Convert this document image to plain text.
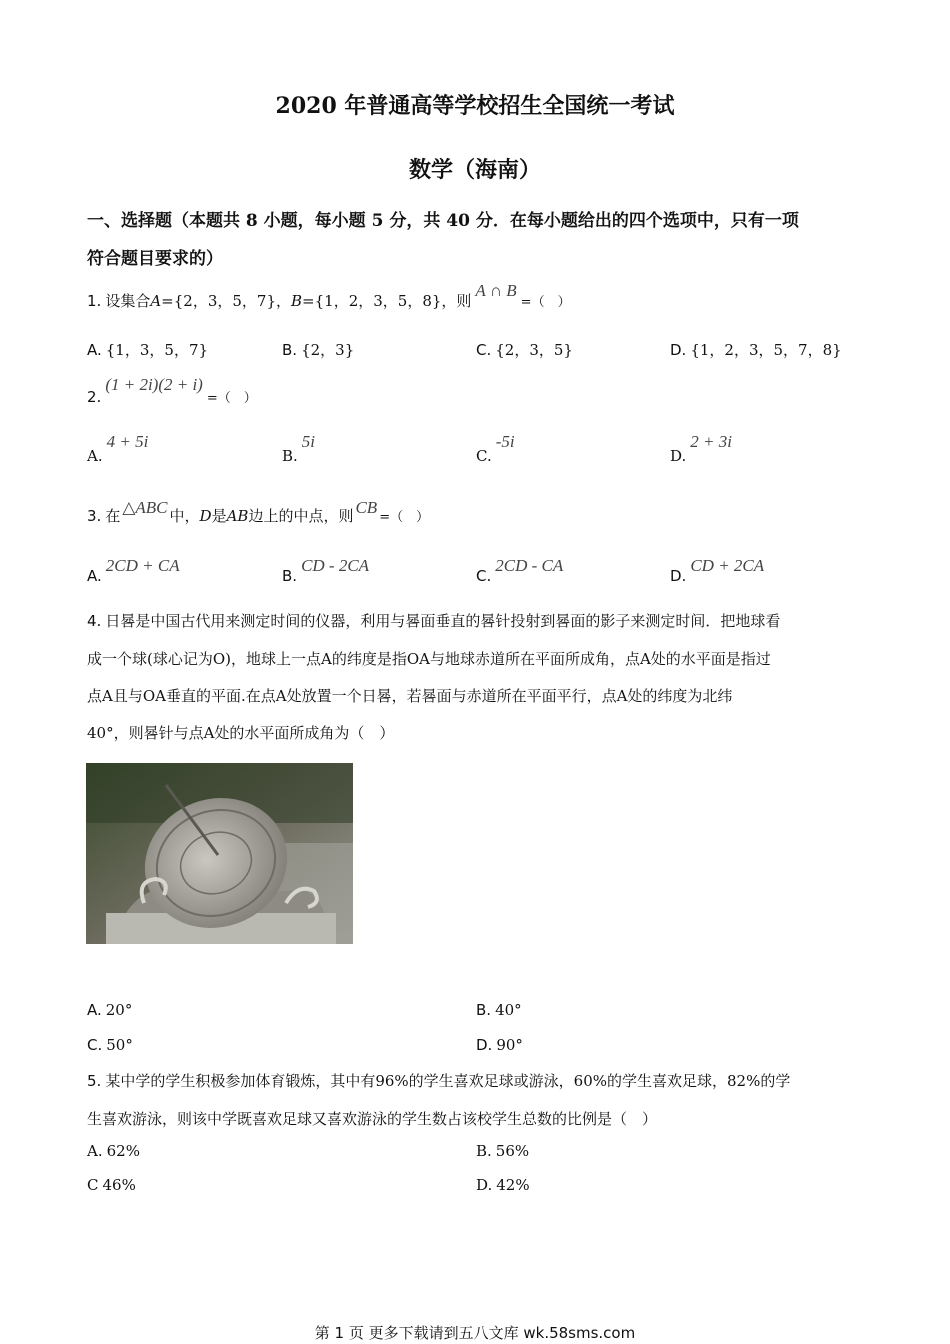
2020 年普通高等学校招生全国统一考试
数学（海南）
一、选择题（本题共 8 小题，每小题 5 分，共 40 分．在每小题给出的四个选项中，只有一项
符合题目要求的）
1. 设集合A={2，3，5，7}，B={1，2，3，5，8}，则A ∩ B=（　）
A. {1，3，5，7}	B. {2，3}	C. {2，3，5}	D. {1，2，3，5，7，8}
2.(1 + 2i)(2 + i)=（　）
A.4 + 5i
B.5i
C.-5i
D.2 + 3i
3. 在 △ABC 中，D是AB边上的中点，则 CB=（　）
A.2CD + CA
B.CD - 2CA
C.2CD - CA
D.CD + 2CA
4. 日晷是中国古代用来测定时间的仪器，利用与晷面垂直的晷针投射到晷面的影子来测定时间．把地球看
成一个球(球心记为O)，地球上一点A的纬度是指OA与地球赤道所在平面所成角，点A处的水平面是指过
点A且与OA垂直的平面.在点A处放置一个日晷，若晷面与赤道所在平面平行，点A处的纬度为北纬
40°，则晷针与点A处的水平面所成角为（　）
A. 20°	B. 40°
C. 50°	D. 90°
5. 某中学的学生积极参加体育锻炼，其中有96%的学生喜欢足球或游泳，60%的学生喜欢足球，82%的学
生喜欢游泳，则该中学既喜欢足球又喜欢游泳的学生数占该校学生总数的比例是（　）
A. 62%	B. 56%
C 46%	D. 42%
第 1 页 更多下载请到五八文库 wk.58sms.com
